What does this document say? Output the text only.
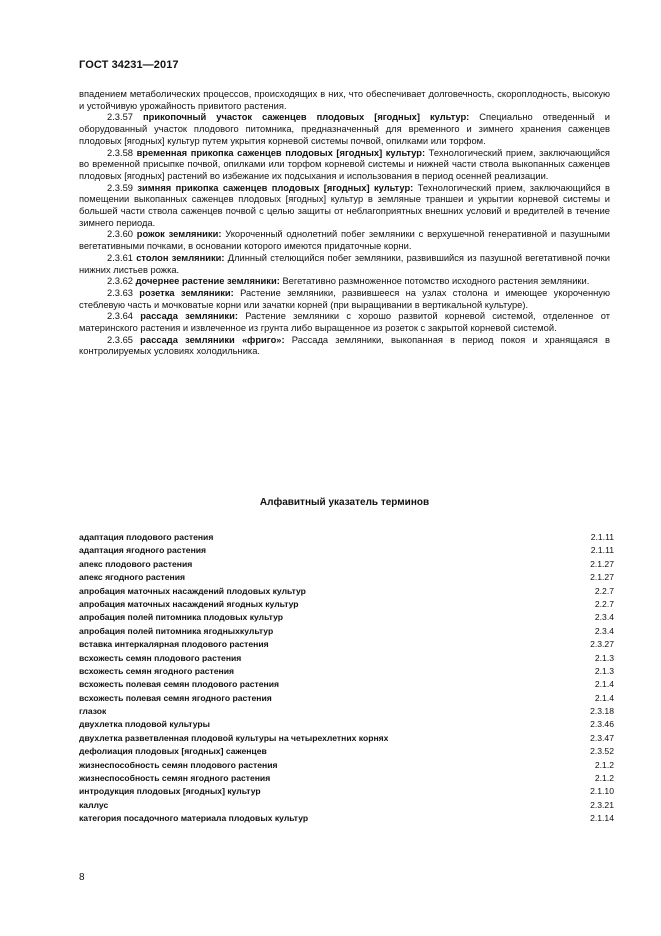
ГОСТ 34231—2017

впадением метаболических процессов, происходящих в них, что обеспечивает долговечность, скороплодность, высокую и устойчивую урожайность привитого растения.

2.3.57 прикопочный участок саженцев плодовых [ягодных] культур: Специально отведенный и оборудованный участок плодового питомника, предназначенный для временного и зимнего хранения саженцев плодовых [ягодных] культур путем укрытия корневой системы почвой, опилками или торфом.

2.3.58 временная прикопка саженцев плодовых [ягодных] культур: Технологический прием, заключающийся во временной присыпке почвой, опилками или торфом корневой системы и нижней части ствола выкопанных саженцев плодовых [ягодных] растений во избежание их подсыхания и использования в период осенней реализации.

2.3.59 зимняя прикопка саженцев плодовых [ягодных] культур: Технологический прием, заключающийся в помещении выкопанных саженцев плодовых [ягодных] культур в земляные траншеи и укрытии корневой системы и большей части ствола саженцев почвой с целью защиты от неблагоприятных внешних условий и вредителей в течение зимнего периода.

2.3.60 рожок земляники: Укороченный однолетний побег земляники с верхушечной генеративной и пазушными вегетативными почками, в основании которого имеются придаточные корни.

2.3.61 столон земляники: Длинный стелющийся побег земляники, развившийся из пазушной вегетативной почки нижних листьев рожка.

2.3.62 дочернее растение земляники: Вегетативно размноженное потомство исходного растения земляники.

2.3.63 розетка земляники: Растение земляники, развившееся на узлах столона и имеющее укороченную стеблевую часть и мочковатые корни или зачатки корней (при выращивании в вертикальной культуре).

2.3.64 рассада земляники: Растение земляники с хорошо развитой корневой системой, отделенное от материнского растения и извлеченное из грунта либо выращенное из розеток с закрытой корневой системой.

2.3.65 рассада земляники «фриго»: Рассада земляники, выкопанная в период покоя и хранящаяся в контролируемых условиях холодильника.

Алфавитный указатель терминов
адаптация плодового растения	2.1.11
адаптация ягодного растения	2.1.11
апекс плодового растения	2.1.27
апекс ягодного растения	2.1.27
апробация маточных насаждений плодовых культур	2.2.7
апробация маточных насаждений ягодных культур	2.2.7
апробация полей питомника плодовых культур	2.3.4
апробация полей питомника ягодныхкультур	2.3.4
вставка интеркалярная плодового растения	2.3.27
всхожесть семян плодового растения	2.1.3
всхожесть семян ягодного растения	2.1.3
всхожесть полевая семян плодового растения	2.1.4
всхожесть полевая семян ягодного растения	2.1.4
глазок	2.3.18
двухлетка плодовой культуры	2.3.46
двухлетка разветвленная плодовой культуры на четырехлетних корнях	2.3.47
дефолиация плодовых [ягодных] саженцев	2.3.52
жизнеспособность семян плодового растения	2.1.2
жизнеспособность семян ягодного растения	2.1.2
интродукция плодовых [ягодных] культур	2.1.10
каллус	2.3.21
категория посадочного материала плодовых культур	2.1.14
8
